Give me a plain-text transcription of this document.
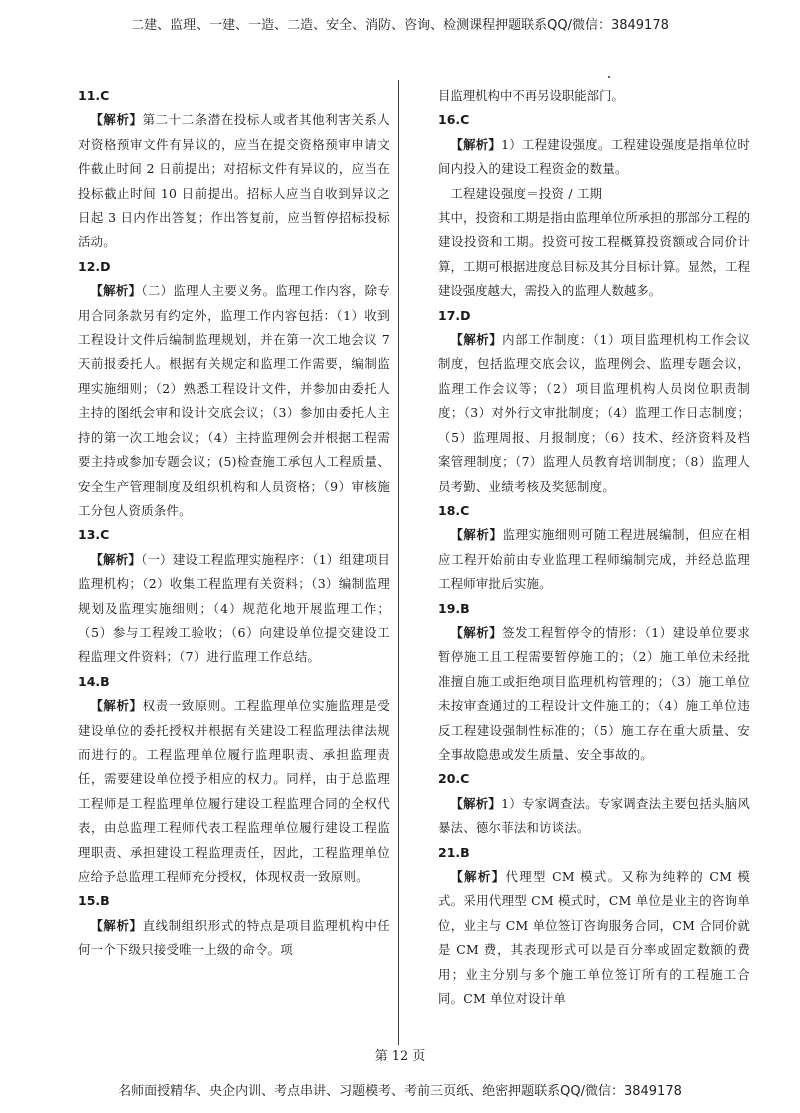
二建、监理、一建、一造、二造、安全、消防、咨询、检测课程押题联系QQ/微信：3849178

11.C

【解析】第二十二条潜在投标人或者其他利害关系人对资格预审文件有异议的，应当在提交资格预审申请文件截止时间 2 日前提出；对招标文件有异议的，应当在投标截止时间 10 日前提出。招标人应当自收到异议之日起 3 日内作出答复；作出答复前，应当暂停招标投标活动。

12.D

【解析】（二）监理人主要义务。监理工作内容，除专用合同条款另有约定外，监理工作内容包括：（1）收到工程设计文件后编制监理规划，并在第一次工地会议 7 天前报委托人。根据有关规定和监理工作需要，编制监理实施细则；（2）熟悉工程设计文件，并参加由委托人主持的图纸会审和设计交底会议；（3）参加由委托人主持的第一次工地会议；（4）主持监理例会并根据工程需要主持或参加专题会议；(5)检查施工承包人工程质量、安全生产管理制度及组织机构和人员资格；（9）审核施工分包人资质条件。

13.C

【解析】（一）建设工程监理实施程序：（1）组建项目监理机构；（2）收集工程监理有关资料；（3）编制监理规划及监理实施细则；（4）规范化地开展监理工作；（5）参与工程竣工验收；（6）向建设单位提交建设工程监理文件资料；（7）进行监理工作总结。

14.B

【解析】权责一致原则。工程监理单位实施监理是受建设单位的委托授权并根据有关建设工程监理法律法规而进行的。工程监理单位履行监理职责、承担监理责任，需要建设单位授予相应的权力。同样，由于总监理工程师是工程监理单位履行建设工程监理合同的全权代表，由总监理工程师代表工程监理单位履行建设工程监理职责、承担建设工程监理责任，因此，工程监理单位应给予总监理工程师充分授权，体现权责一致原则。

15.B

【解析】直线制组织形式的特点是项目监理机构中任何一个下级只接受唯一上级的命令。项

目监理机构中不再另设职能部门。

16.C

【解析】1）工程建设强度。工程建设强度是指单位时间内投入的建设工程资金的数量。

工程建设强度＝投资 / 工期

其中，投资和工期是指由监理单位所承担的那部分工程的建设投资和工期。投资可按工程概算投资额或合同价计算，工期可根据进度总目标及其分目标计算。显然，工程建设强度越大，需投入的监理人数越多。

17.D

【解析】内部工作制度：（1）项目监理机构工作会议制度，包括监理交底会议，监理例会、监理专题会议，监理工作会议等；（2）项目监理机构人员岗位职责制度；（3）对外行文审批制度；（4）监理工作日志制度；（5）监理周报、月报制度；（6）技术、经济资料及档案管理制度；（7）监理人员教育培训制度；（8）监理人员考勤、业绩考核及奖惩制度。

18.C

【解析】监理实施细则可随工程进展编制，但应在相应工程开始前由专业监理工程师编制完成，并经总监理工程师审批后实施。

19.B

【解析】签发工程暂停令的情形：（1）建设单位要求暂停施工且工程需要暂停施工的；（2）施工单位未经批准擅自施工或拒绝项目监理机构管理的；（3）施工单位未按审查通过的工程设计文件施工的；（4）施工单位违反工程建设强制性标准的；（5）施工存在重大质量、安全事故隐患或发生质量、安全事故的。

20.C

【解析】1）专家调查法。专家调查法主要包括头脑风暴法、德尔菲法和访谈法。

21.B

【解析】代理型 CM 模式。又称为纯粹的 CM 模式。采用代理型 CM 模式时，CM 单位是业主的咨询单位，业主与 CM 单位签订咨询服务合同，CM 合同价就是 CM 费，其表现形式可以是百分率或固定数额的费用；业主分别与多个施工单位签订所有的工程施工合同。CM 单位对设计单

第 12 页
名师面授精华、央企内训、考点串讲、习题模考、考前三页纸、绝密押题联系QQ/微信：3849178
